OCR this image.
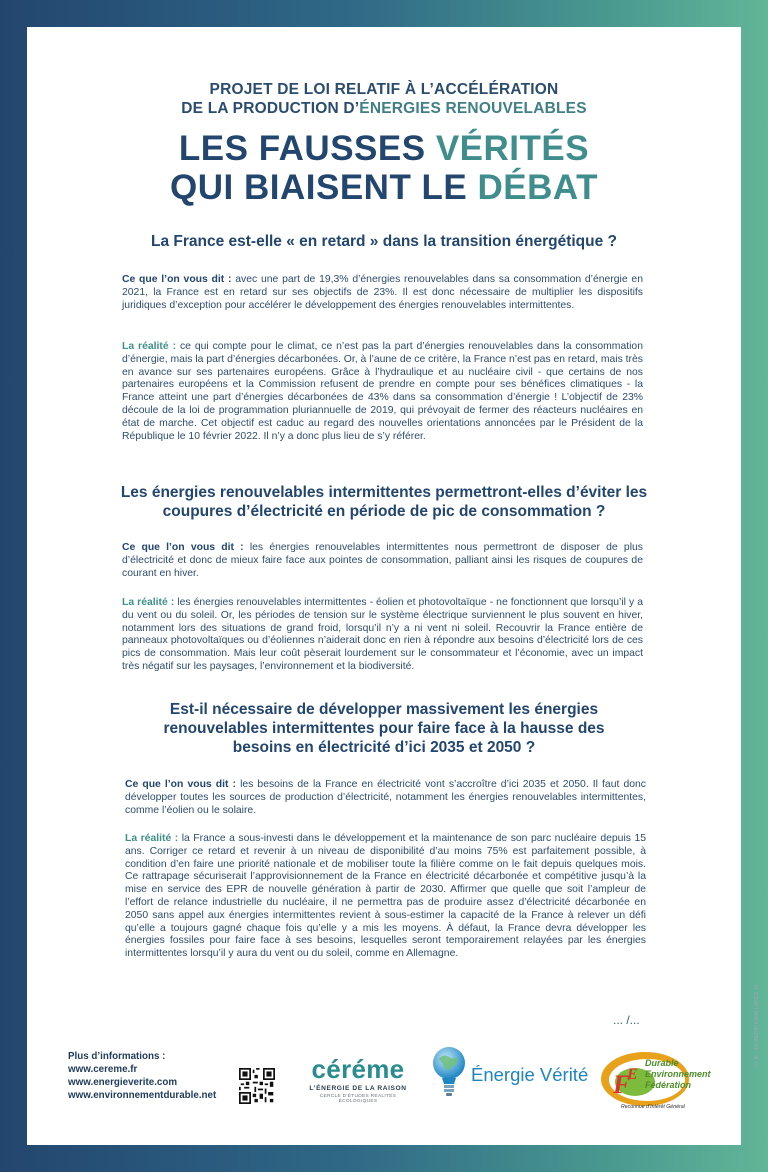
PROJET DE LOI RELATIF À L’ACCÉLÉRATION
DE LA PRODUCTION D’ÉNERGIES RENOUVELABLES
LES FAUSSES VÉRITÉS
QUI BIAISENT LE DÉBAT
La France est-elle « en retard » dans la transition énergétique ?
Ce que l’on vous dit : avec une part de 19,3% d’énergies renouvelables dans sa consommation d’énergie en 2021, la France est en retard sur ses objectifs de 23%. Il est donc nécessaire de multiplier les dispositifs juridiques d’exception pour accélérer le développement des énergies renouvelables intermittentes.
La réalité : ce qui compte pour le climat, ce n’est pas la part d’énergies renouvelables dans la consommation d’énergie, mais la part d’énergies décarbonées. Or, à l’aune de ce critère, la France n’est pas en retard, mais très en avance sur ses partenaires européens. Grâce à l’hydraulique et au nucléaire civil - que certains de nos partenaires européens et la Commission refusent de prendre en compte pour ses bénéfices climatiques - la France atteint une part d’énergies décarbonées de 43% dans sa consommation d’énergie ! L’objectif de 23% découle de la loi de programmation pluriannuelle de 2019, qui prévoyait de fermer des réacteurs nucléaires en état de marche. Cet objectif est caduc au regard des nouvelles orientations annoncées par le Président de la République le 10 février 2022. Il n’y a donc plus lieu de s’y référer.
Les énergies renouvelables intermittentes permettront-elles d’éviter les coupures d’électricité en période de pic de consommation ?
Ce que l’on vous dit : les énergies renouvelables intermittentes nous permettront de disposer de plus d’électricité et donc de mieux faire face aux pointes de consommation, palliant ainsi les risques de coupures de courant en hiver.
La réalité : les énergies renouvelables intermittentes - éolien et photovoltaïque - ne fonctionnent que lorsqu’il y a du vent ou du soleil. Or, les périodes de tension sur le système électrique surviennent le plus souvent en hiver, notamment lors des situations de grand froid, lorsqu’il n’y a ni vent ni soleil. Recouvrir la France entière de panneaux photovoltaïques ou d’éoliennes n’aiderait donc en rien à répondre aux besoins d’électricité lors de ces pics de consommation. Mais leur coût pèserait lourdement sur le consommateur et l’économie, avec un impact très négatif sur les paysages, l’environnement et la biodiversité.
Est-il nécessaire de développer massivement les énergies renouvelables intermittentes pour faire face à la hausse des besoins en électricité d’ici 2035 et 2050 ?
Ce que l’on vous dit : les besoins de la France en électricité vont s’accroître d’ici 2035 et 2050. Il faut donc développer toutes les sources de production d’électricité, notamment les énergies renouvelables intermittentes, comme l’éolien ou le solaire.
La réalité : la France a sous-investi dans le développement et la maintenance de son parc nucléaire depuis 15 ans. Corriger ce retard et revenir à un niveau de disponibilité d’au moins 75% est parfaitement possible, à condition d’en faire une priorité nationale et de mobiliser toute la filière comme on le fait depuis quelques mois. Ce rattrapage sécuriserait l’approvisionnement de la France en électricité décarbonée et compétitive jusqu’à la mise en service des EPR de nouvelle génération à partir de 2030. Affirmer que quelle que soit l’ampleur de l’effort de relance industrielle du nucléaire, il ne permettra pas de produire assez d’électricité décarbonée en 2050 sans appel aux énergies intermittentes revient à sous-estimer la capacité de la France à relever un défi qu’elle a toujours gagné chaque fois qu’elle y a mis les moyens. À défaut, la France devra développer les énergies fossiles pour faire face à ses besoins, lesquelles seront temporairement relayées par les énergies intermittentes lorsqu’il y aura du vent ou du soleil, comme en Allemagne.
... /...
Plus d’informations :
www.cereme.fr
www.energieverite.com
www.environnementdurable.net
céréme
L’ÉNERGIE DE LA RAISON
CERCLE D’ÉTUDES RÉALITÉS ÉCOLOGIQUES
Énergie Vérité F
E
Durable
Environnement
Fédération
Reconnue d’Intérêt Général
CLJK - 34LIBERATIONALLIANCE 19
